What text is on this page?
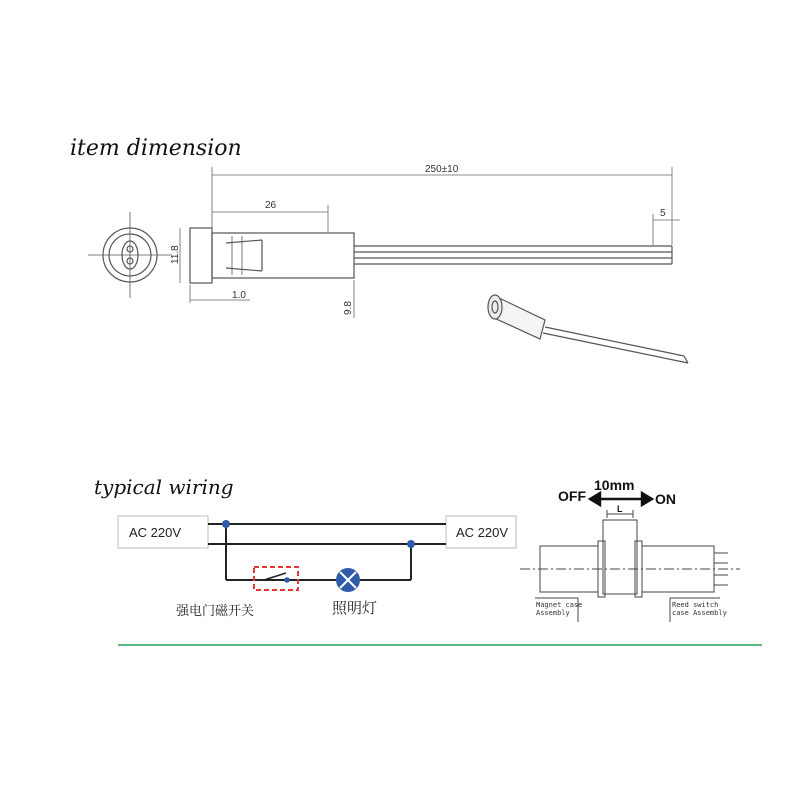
item dimension
250±10
26
5
11.8
1.0
9.8
typical wiring
AC 220V	AC 220V
强电门磁开关	照明灯
10mm
OFF	ON
L
Magnet case
Assembly
Reed switch
case Assembly
